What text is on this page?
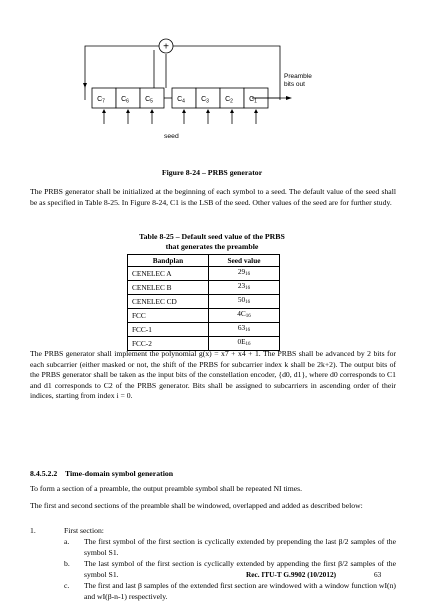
$C_7$ $C_6$ $C_5$	$C_4$ $C_3$ $C_2$ $C_1$
+
Preamble
bits out
seed
Figure 8-24 – PRBS generator

The PRBS generator shall be initialized at the beginning of each symbol to a seed. The default value of the seed shall be as specified in Table 8-25. In Figure 8-24, C1 is the LSB of the seed. Other values of the seed are for further study.

Table 8-25 – Default seed value of the PRBS
that generates the preamble
Bandplan	Seed value
CENELEC A	$29_{16}$
CENELEC B	$23_{16}$
CENELEC CD	$50_{16}$
FCC	$4C_{16}$
FCC-1	$63_{16}$
FCC-2	$0E_{16}$

The PRBS generator shall implement the polynomial g(x) = x7 + x4 + 1. The PRBS shall be advanced by 2 bits for each subcarrier (either masked or not, the shift of the PRBS for subcarrier index k shall be 2k+2). The output bits of the PRBS generator shall be taken as the input bits of the constellation encoder, {d0, d1}, where d0 corresponds to C1 and d1 corresponds to C2 of the PRBS generator. Bits shall be assigned to subcarriers in ascending order of their indices, starting from index i = 0.

8.4.5.2.2 Time-domain symbol generation

To form a section of a preamble, the output preamble symbol shall be repeated NI times.

The first and second sections of the preamble shall be windowed, overlapped and added as described below:

1.	First section:
a. The first symbol of the first section is cyclically extended by prepending the last β/2 samples of the symbol S1.
b. The last symbol of the first section is cyclically extended by appending the first β/2 samples of the symbol S1.
c. The first and last β samples of the extended first section are windowed with a window function wI(n) and wI(β-n-1) respectively.
Rec. ITU-T G.9902 (10/2012)	63
